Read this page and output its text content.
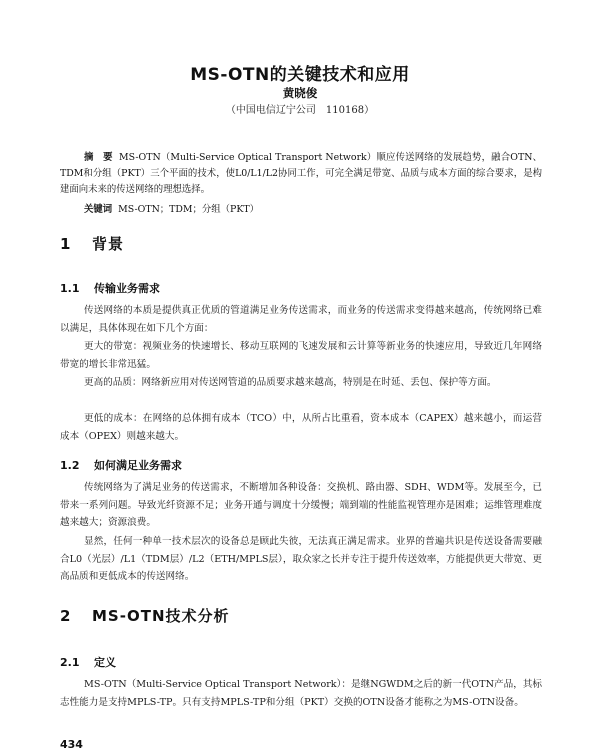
MS-OTN的关键技术和应用
黄晓俊
（中国电信辽宁公司　110168）
摘　要 MS-OTN（Multi-Service Optical Transport Network）顺应传送网络的发展趋势，融合OTN、TDM和分组（PKT）三个平面的技术，使L0/L1/L2协同工作，可完全满足带宽、品质与成本方面的综合要求，是构建面向未来的传送网络的理想选择。
关键词 MS-OTN；TDM；分组（PKT）
1 背景
1.1 传输业务需求
传送网络的本质是提供真正优质的管道满足业务传送需求，而业务的传送需求变得越来越高，传统网络已难以满足，具体体现在如下几个方面：
更大的带宽：视频业务的快速增长、移动互联网的飞速发展和云计算等新业务的快速应用，导致近几年网络带宽的增长非常迅猛。
更高的品质：网络新应用对传送网管道的品质要求越来越高，特别是在时延、丢包、保护等方面。
更低的成本：在网络的总体拥有成本（TCO）中，从所占比重看，资本成本（CAPEX）越来越小，而运营成本（OPEX）则越来越大。
1.2 如何满足业务需求
传统网络为了满足业务的传送需求，不断增加各种设备：交换机、路由器、SDH、WDM等。发展至今，已带来一系列问题。导致光纤资源不足；业务开通与调度十分缓慢；端到端的性能监视管理亦是困难；运维管理难度越来越大；资源浪费。
显然，任何一种单一技术层次的设备总是顾此失彼，无法真正满足需求。业界的普遍共识是传送设备需要融合L0（光层）/L1（TDM层）/L2（ETH/MPLS层），取众家之长并专注于提升传送效率，方能提供更大带宽、更高品质和更低成本的传送网络。
2 MS-OTN技术分析
2.1 定义
MS-OTN（Multi-Service Optical Transport Network）：是继NGWDM之后的新一代OTN产品，其标志性能力是支持MPLS-TP。只有支持MPLS-TP和分组（PKT）交换的OTN设备才能称之为MS-OTN设备。
434
